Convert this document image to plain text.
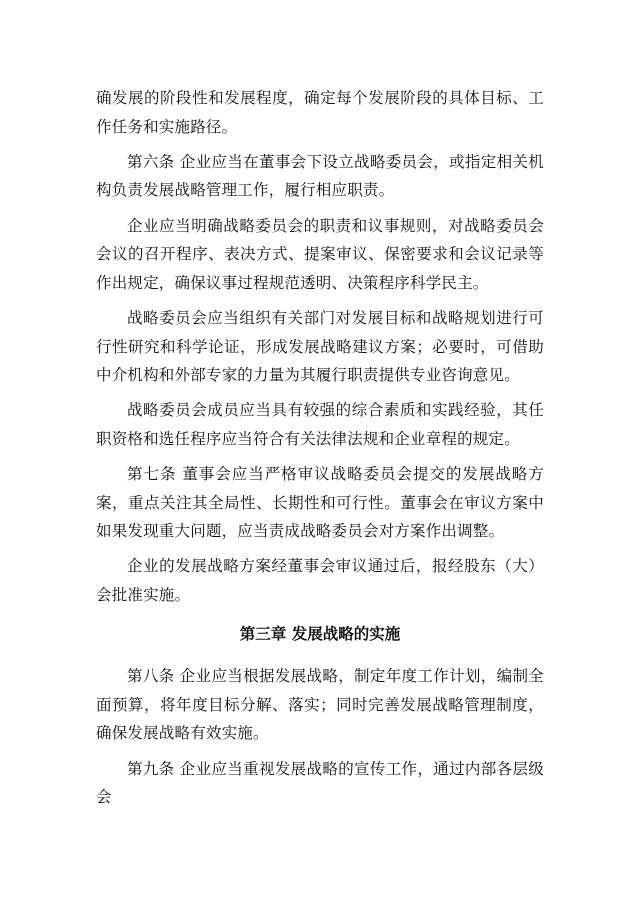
确发展的阶段性和发展程度，确定每个发展阶段的具体目标、工作任务和实施路径。

第六条 企业应当在董事会下设立战略委员会，或指定相关机构负责发展战略管理工作，履行相应职责。

企业应当明确战略委员会的职责和议事规则，对战略委员会会议的召开程序、表决方式、提案审议、保密要求和会议记录等作出规定，确保议事过程规范透明、决策程序科学民主。

战略委员会应当组织有关部门对发展目标和战略规划进行可行性研究和科学论证，形成发展战略建议方案；必要时，可借助中介机构和外部专家的力量为其履行职责提供专业咨询意见。

战略委员会成员应当具有较强的综合素质和实践经验，其任职资格和选任程序应当符合有关法律法规和企业章程的规定。

第七条 董事会应当严格审议战略委员会提交的发展战略方案，重点关注其全局性、长期性和可行性。董事会在审议方案中如果发现重大问题，应当责成战略委员会对方案作出调整。

企业的发展战略方案经董事会审议通过后，报经股东（大）会批准实施。

第三章 发展战略的实施

第八条 企业应当根据发展战略，制定年度工作计划，编制全面预算，将年度目标分解、落实；同时完善发展战略管理制度，确保发展战略有效实施。

第九条 企业应当重视发展战略的宣传工作，通过内部各层级会
